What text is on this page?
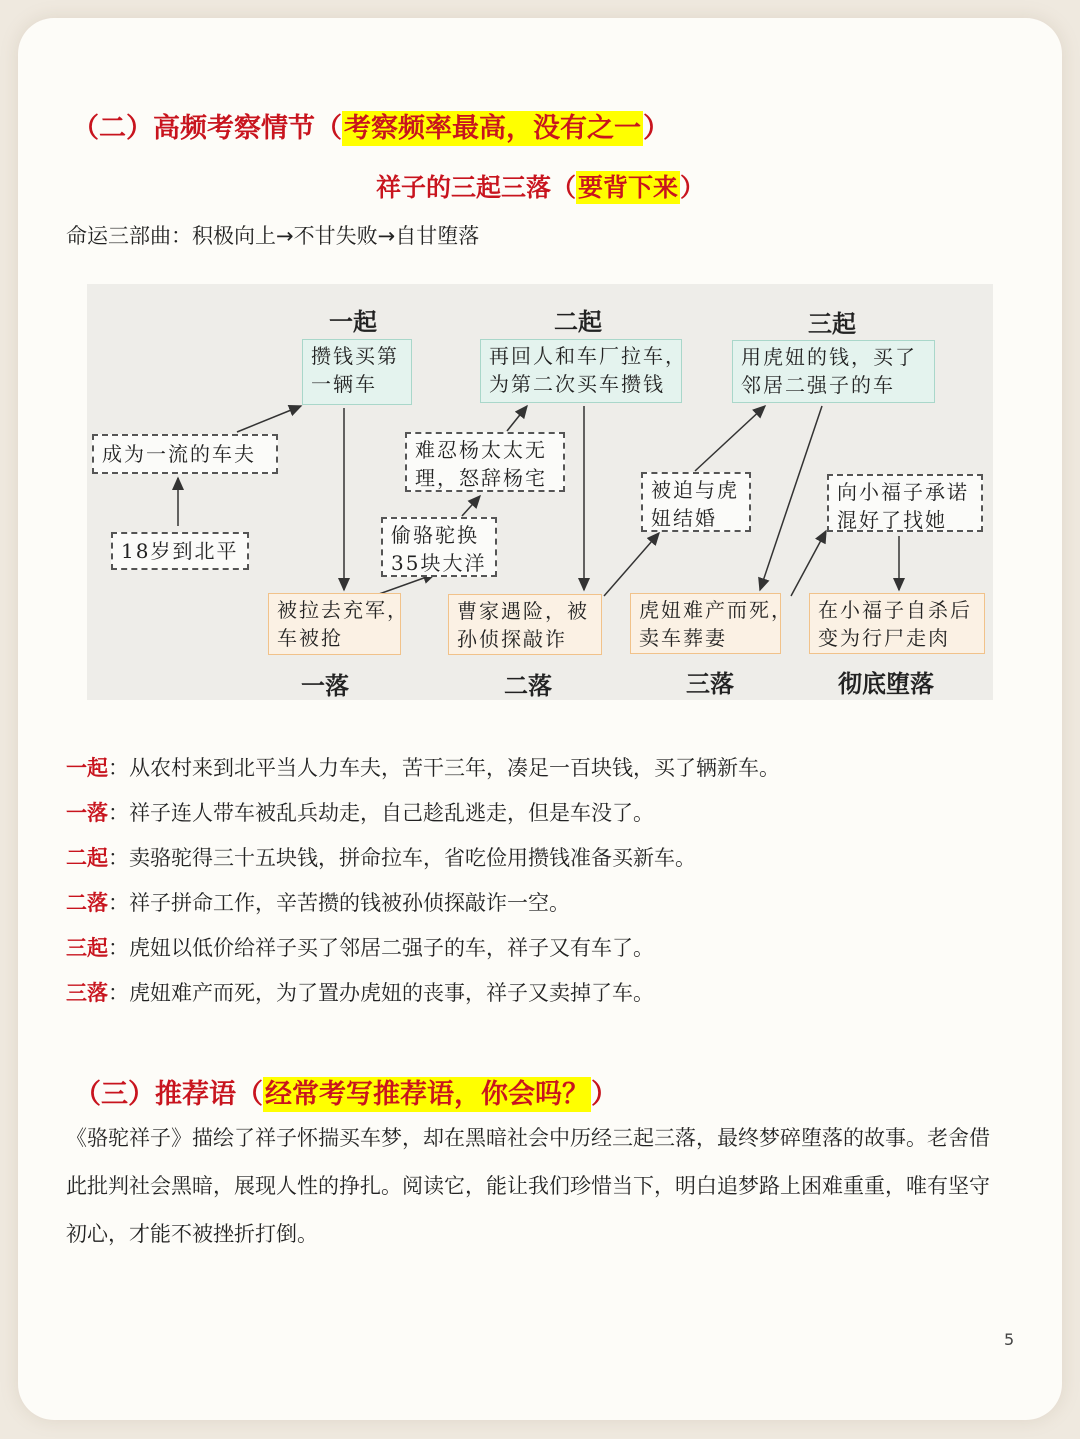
（二）高频考察情节（考察频率最高，没有之一）
祥子的三起三落（要背下来）
命运三部曲：积极向上→不甘失败→自甘堕落
一起	二起	三起
一落	二落	三落	彻底堕落
攒钱买第
一辆车
再回人和车厂拉车，
为第二次买车攒钱
用虎妞的钱，买了
邻居二强子的车
成为一流的车夫
18岁到北平
难忍杨太太无
理，怒辞杨宅
偷骆驼换
35块大洋
被迫与虎
妞结婚
向小福子承诺
混好了找她
被拉去充军，
车被抢
曹家遇险，被
孙侦探敲诈
虎妞难产而死，
卖车葬妻
在小福子自杀后
变为行尸走肉
一起：从农村来到北平当人力车夫，苦干三年，凑足一百块钱，买了辆新车。
一落：祥子连人带车被乱兵劫走，自己趁乱逃走，但是车没了。
二起：卖骆驼得三十五块钱，拼命拉车，省吃俭用攒钱准备买新车。
二落：祥子拼命工作，辛苦攒的钱被孙侦探敲诈一空。
三起：虎妞以低价给祥子买了邻居二强子的车，祥子又有车了。
三落：虎妞难产而死，为了置办虎妞的丧事，祥子又卖掉了车。
（三）推荐语（经常考写推荐语，你会吗？）
《骆驼祥子》描绘了祥子怀揣买车梦，却在黑暗社会中历经三起三落，最终梦碎堕落的故事。老舍借
此批判社会黑暗，展现人性的挣扎。阅读它，能让我们珍惜当下，明白追梦路上困难重重，唯有坚守
初心，才能不被挫折打倒。
5
